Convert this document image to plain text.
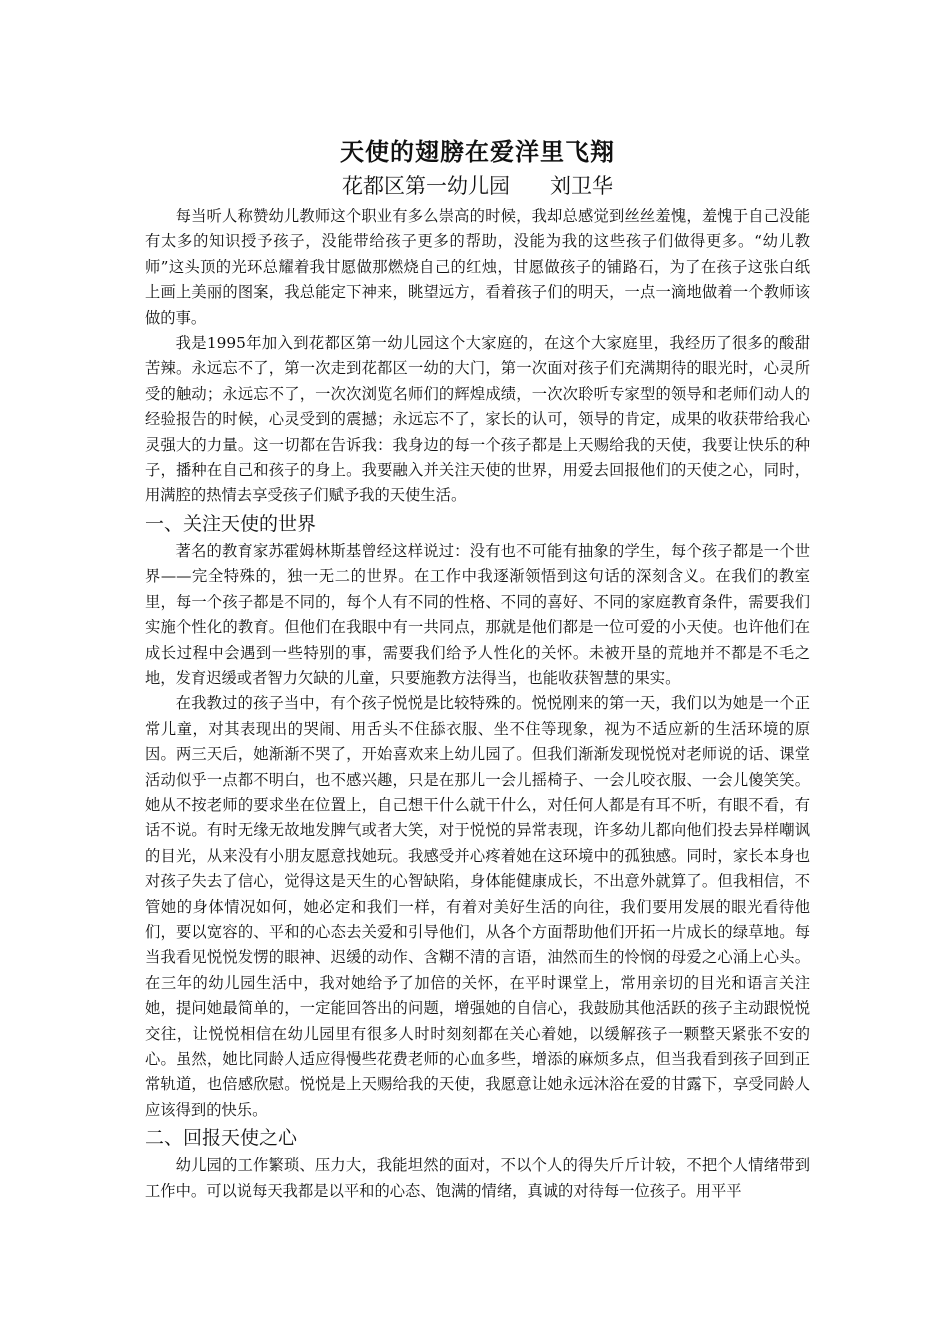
天使的翅膀在爱洋里飞翔

花都区第一幼儿园      刘卫华

每当听人称赞幼儿教师这个职业有多么崇高的时候，我却总感觉到丝丝羞愧，羞愧于自己没能有太多的知识授予孩子，没能带给孩子更多的帮助，没能为我的这些孩子们做得更多。“幼儿教师”这头顶的光环总耀着我甘愿做那燃烧自己的红烛，甘愿做孩子的铺路石，为了在孩子这张白纸上画上美丽的图案，我总能定下神来，眺望远方，看着孩子们的明天，一点一滴地做着一个教师该做的事。

我是1995年加入到花都区第一幼儿园这个大家庭的，在这个大家庭里，我经历了很多的酸甜苦辣。永远忘不了，第一次走到花都区一幼的大门，第一次面对孩子们充满期待的眼光时，心灵所受的触动；永远忘不了，一次次浏览名师们的辉煌成绩，一次次聆听专家型的领导和老师们动人的经验报告的时候，心灵受到的震撼；永远忘不了，家长的认可，领导的肯定，成果的收获带给我心灵强大的力量。这一切都在告诉我：我身边的每一个孩子都是上天赐给我的天使，我要让快乐的种子，播种在自己和孩子的身上。我要融入并关注天使的世界，用爱去回报他们的天使之心，同时，用满腔的热情去享受孩子们赋予我的天使生活。

一、关注天使的世界

著名的教育家苏霍姆林斯基曾经这样说过：没有也不可能有抽象的学生，每个孩子都是一个世界——完全特殊的，独一无二的世界。在工作中我逐渐领悟到这句话的深刻含义。在我们的教室里，每一个孩子都是不同的，每个人有不同的性格、不同的喜好、不同的家庭教育条件，需要我们实施个性化的教育。但他们在我眼中有一共同点，那就是他们都是一位可爱的小天使。也许他们在成长过程中会遇到一些特别的事，需要我们给予人性化的关怀。未被开垦的荒地并不都是不毛之地，发育迟缓或者智力欠缺的儿童，只要施教方法得当，也能收获智慧的果实。

在我教过的孩子当中，有个孩子悦悦是比较特殊的。悦悦刚来的第一天，我们以为她是一个正常儿童，对其表现出的哭闹、用舌头不住舔衣服、坐不住等现象，视为不适应新的生活环境的原因。两三天后，她渐渐不哭了，开始喜欢来上幼儿园了。但我们渐渐发现悦悦对老师说的话、课堂活动似乎一点都不明白，也不感兴趣，只是在那儿一会儿摇椅子、一会儿咬衣服、一会儿傻笑笑。她从不按老师的要求坐在位置上，自己想干什么就干什么，对任何人都是有耳不听，有眼不看，有话不说。有时无缘无故地发脾气或者大笑，对于悦悦的异常表现，许多幼儿都向他们投去异样嘲讽的目光，从来没有小朋友愿意找她玩。我感受并心疼着她在这环境中的孤独感。同时，家长本身也对孩子失去了信心，觉得这是天生的心智缺陷，身体能健康成长，不出意外就算了。但我相信，不管她的身体情况如何，她必定和我们一样，有着对美好生活的向往，我们要用发展的眼光看待他们，要以宽容的、平和的心态去关爱和引导他们，从各个方面帮助他们开拓一片成长的绿草地。每当我看见悦悦发愣的眼神、迟缓的动作、含糊不清的言语，油然而生的怜悯的母爱之心涌上心头。在三年的幼儿园生活中，我对她给予了加倍的关怀，在平时课堂上，常用亲切的目光和语言关注她，提问她最简单的，一定能回答出的问题，增强她的自信心，我鼓励其他活跃的孩子主动跟悦悦交往，让悦悦相信在幼儿园里有很多人时时刻刻都在关心着她，以缓解孩子一颗整天紧张不安的心。虽然，她比同龄人适应得慢些花费老师的心血多些，增添的麻烦多点，但当我看到孩子回到正常轨道，也倍感欣慰。悦悦是上天赐给我的天使，我愿意让她永远沐浴在爱的甘露下，享受同龄人应该得到的快乐。

二、回报天使之心

幼儿园的工作繁琐、压力大，我能坦然的面对，不以个人的得失斤斤计较，不把个人情绪带到工作中。可以说每天我都是以平和的心态、饱满的情绪，真诚的对待每一位孩子。用平平
